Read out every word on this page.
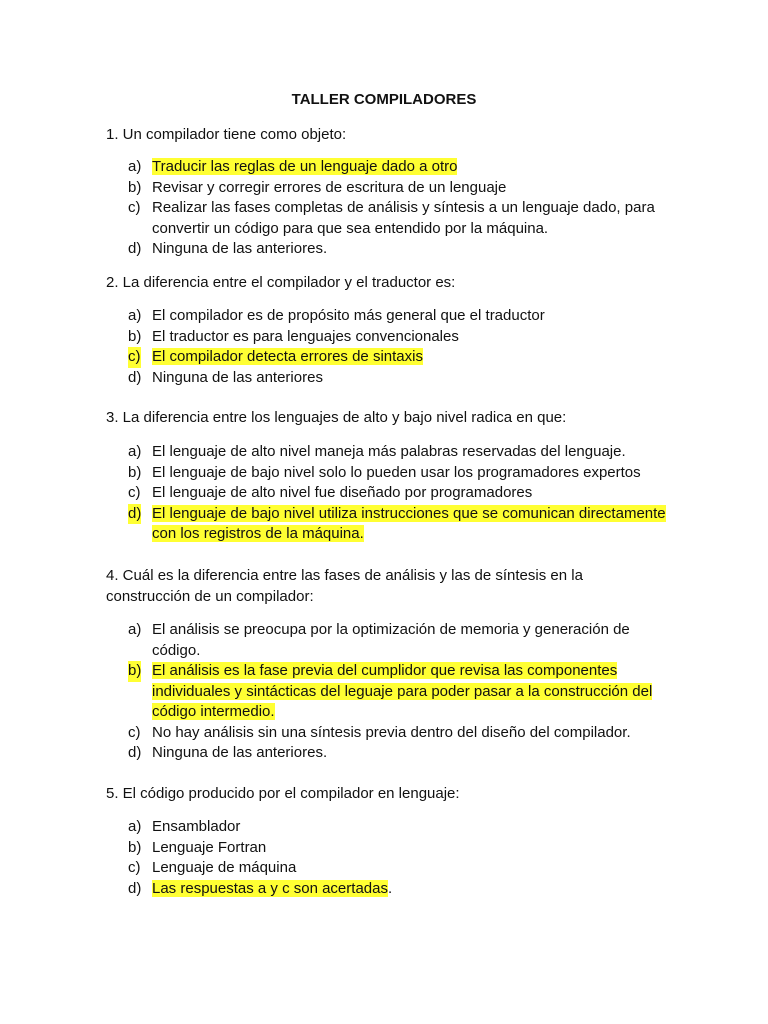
TALLER COMPILADORES
1. Un compilador tiene como objeto:
a) Traducir las reglas de un lenguaje dado a otro
b) Revisar y corregir errores de escritura de un lenguaje
c) Realizar las fases completas de análisis y síntesis a un lenguaje dado, para convertir un código para que sea entendido por la máquina.
d) Ninguna de las anteriores.
2. La diferencia entre el compilador y el traductor es:
a) El compilador es de propósito más general que el traductor
b) El traductor es para lenguajes convencionales
c) El compilador detecta errores de sintaxis
d) Ninguna de las anteriores
3. La diferencia entre los lenguajes de alto y bajo nivel radica en que:
a) El lenguaje de alto nivel maneja más palabras reservadas del lenguaje.
b) El lenguaje de bajo nivel solo lo pueden usar los programadores expertos
c) El lenguaje de alto nivel fue diseñado por programadores
d) El lenguaje de bajo nivel utiliza instrucciones que se comunican directamente con los registros de la máquina.
4. Cuál es la diferencia entre las fases de análisis y las de síntesis en la construcción de un compilador:
a) El análisis se preocupa por la optimización de memoria y generación de código.
b) El análisis es la fase previa del cumplidor que revisa las componentes individuales y sintácticas del leguaje para poder pasar a la construcción del código intermedio.
c) No hay análisis sin una síntesis previa dentro del diseño del compilador.
d) Ninguna de las anteriores.
5. El código producido por el compilador en lenguaje:
a) Ensamblador
b) Lenguaje Fortran
c) Lenguaje de máquina
d) Las respuestas a y c son acertadas.
